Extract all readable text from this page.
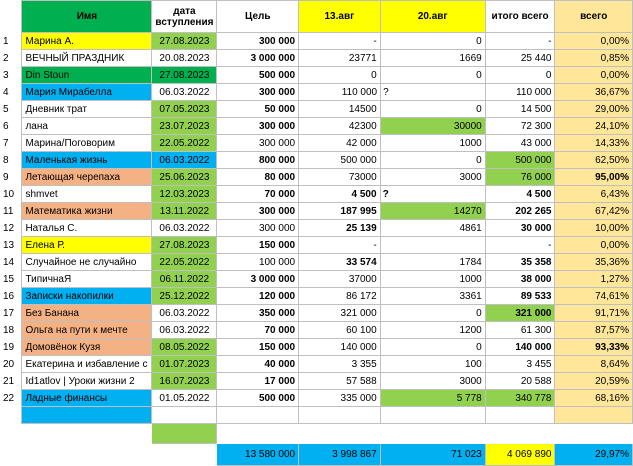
	Имя	дата вступления	Цель	13.авг	20.авг	итого всего	всего
1	Марина А.	27.08.2023	300 000	-	0	-	0,00%
2	ВЕЧНЫЙ ПРАЗДНИК	20.08.2023	3 000 000	23771	1669	25 440	0,85%
3	Din Stoun	27.08.2023	500 000	0	0	0	0,00%
4	Мария Мирабелла	06.03.2022	300 000	110 000 ?		110 000	36,67%
5	Дневник трат	07.05.2023	50 000	14500	0	14 500	29,00%
6	лана	23.07.2023	300 000	42300	30000	72 300	24,10%
7	Марина/Поговорим	22.05.2022	300 000	42 000	1000	43 000	14,33%
8	Маленькая жизнь	06.03.2022	800 000	500 000	0	500 000	62,50%
9	Летающая черепаха	25.06.2023	80 000	73000	3000	76 000	95,00%
10	shmvet	12.03.2023	70 000	4 500 ?		4 500	6,43%
11	Математика жизни	13.11.2022	300 000	187 995	14270	202 265	67,42%
12	Наталья С.	06.03.2022	300 000	25 139	4861	30 000	10,00%
13	Елена Р.	27.08.2023	150 000	-		-	0,00%
14	Случайное не случайно	22.05.2022	100 000	33 574	1784	35 358	35,36%
15	ТипичнаЯ	06.11.2022	3 000 000	37000	1000	38 000	1,27%
16	Записки накопилки	25.12.2022	120 000	86 172	3361	89 533	74,61%
17	Без Банана	06.03.2022	350 000	321 000	0	321 000	91,71%
18	Ольга на пути к мечте	06.03.2022	70 000	60 100	1200	61 300	87,57%
19	Домовёнок Кузя	08.05.2022	150 000	140 000	0	140 000	93,33%
20	Екатерина и избавление с	01.07.2023	40 000	3 355	100	3 455	8,64%
21	Id1atlov | Уроки жизни 2	16.07.2023	17 000	57 588	3000	20 588	20,59%
22	Ладные финансы	01.05.2022	500 000	335 000	5 778	340 778	68,16%

			13 580 000	3 998 867	71 023	4 069 890	29,97%
